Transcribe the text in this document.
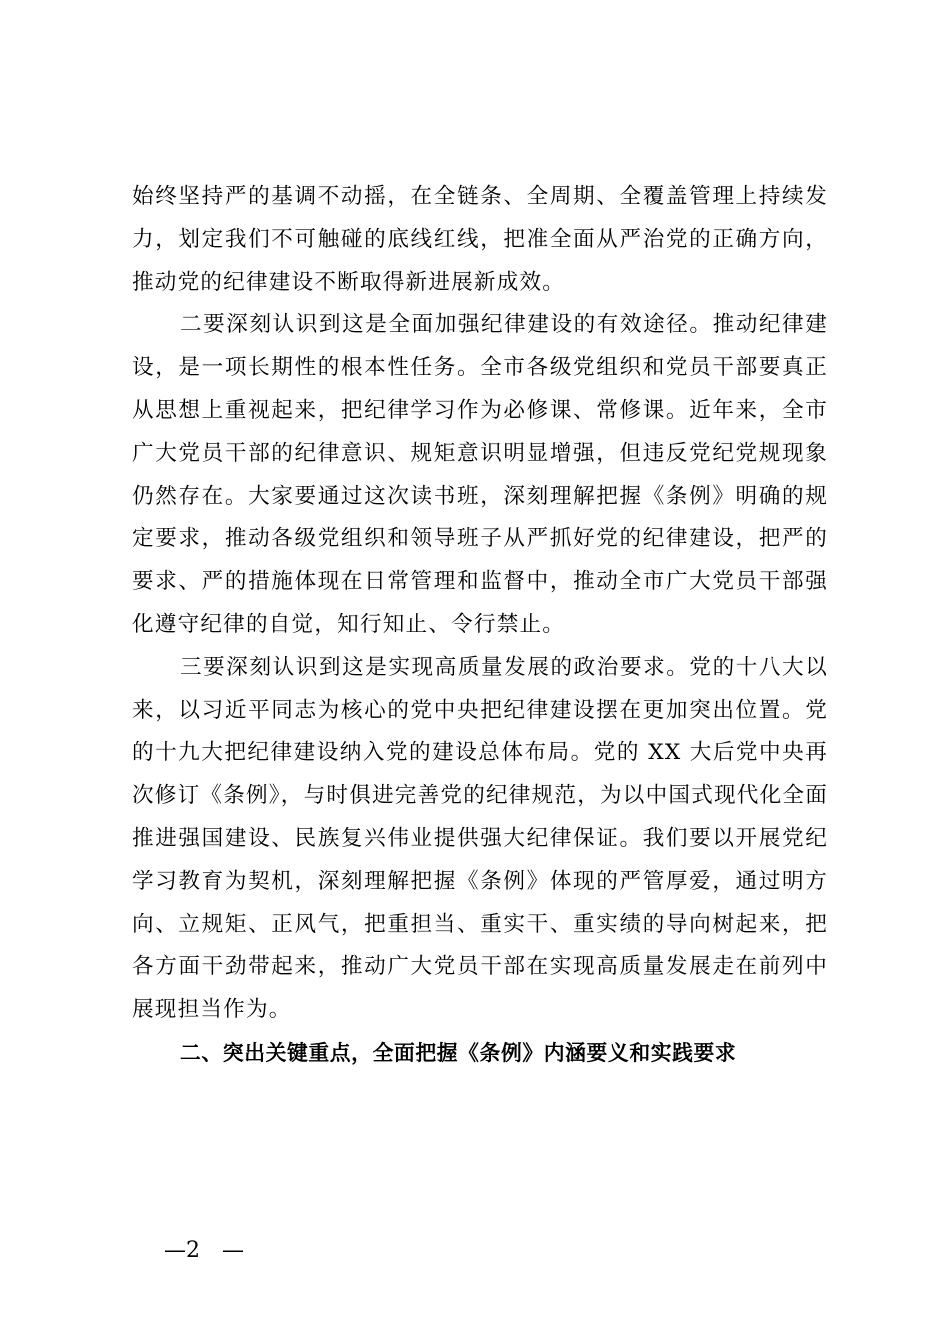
始终坚持严的基调不动摇，在全链条、全周期、全覆盖管理上持续发力，划定我们不可触碰的底线红线，把准全面从严治党的正确方向，推动党的纪律建设不断取得新进展新成效。

二要深刻认识到这是全面加强纪律建设的有效途径。推动纪律建设，是一项长期性的根本性任务。全市各级党组织和党员干部要真正从思想上重视起来，把纪律学习作为必修课、常修课。近年来，全市广大党员干部的纪律意识、规矩意识明显增强，但违反党纪党规现象仍然存在。大家要通过这次读书班，深刻理解把握《条例》明确的规定要求，推动各级党组织和领导班子从严抓好党的纪律建设，把严的要求、严的措施体现在日常管理和监督中，推动全市广大党员干部强化遵守纪律的自觉，知行知止、令行禁止。

三要深刻认识到这是实现高质量发展的政治要求。党的十八大以来，以习近平同志为核心的党中央把纪律建设摆在更加突出位置。党的十九大把纪律建设纳入党的建设总体布局。党的 XX 大后党中央再次修订《条例》，与时俱进完善党的纪律规范，为以中国式现代化全面推进强国建设、民族复兴伟业提供强大纪律保证。我们要以开展党纪学习教育为契机，深刻理解把握《条例》体现的严管厚爱，通过明方向、立规矩、正风气，把重担当、重实干、重实绩的导向树起来，把各方面干劲带起来，推动广大党员干部在实现高质量发展走在前列中展现担当作为。

二、突出关键重点，全面把握《条例》内涵要义和实践要求

—2　—
